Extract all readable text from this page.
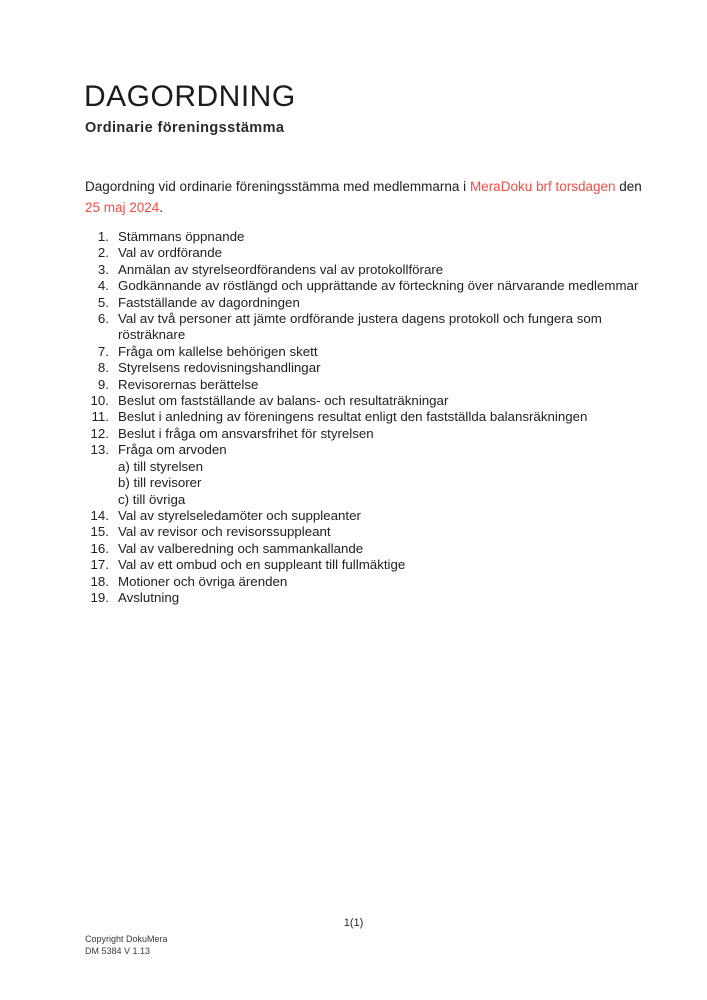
DAGORDNING
Ordinarie föreningsstämma

Dagordning vid ordinarie föreningsstämma med medlemmarna i MeraDoku brf torsdagen den 25 maj 2024.

1. Stämmans öppnande
2. Val av ordförande
3. Anmälan av styrelseordförandens val av protokollförare
4. Godkännande av röstlängd och upprättande av förteckning över närvarande medlemmar
5. Fastställande av dagordningen
6. Val av två personer att jämte ordförande justera dagens protokoll och fungera som rösträknare
7. Fråga om kallelse behörigen skett
8. Styrelsens redovisningshandlingar
9. Revisorernas berättelse
10. Beslut om fastställande av balans- och resultaträkningar
11. Beslut i anledning av föreningens resultat enligt den fastställda balansräkningen
12. Beslut i fråga om ansvarsfrihet för styrelsen
13. Fråga om arvoden
a) till styrelsen
b) till revisorer
c) till övriga
14. Val av styrelseledamöter och suppleanter
15. Val av revisor och revisorssuppleant
16. Val av valberedning och sammankallande
17. Val av ett ombud och en suppleant till fullmäktige
18. Motioner och övriga ärenden
19. Avslutning
1(1)
Copyright DokuMera
DM 5384 V 1.13
